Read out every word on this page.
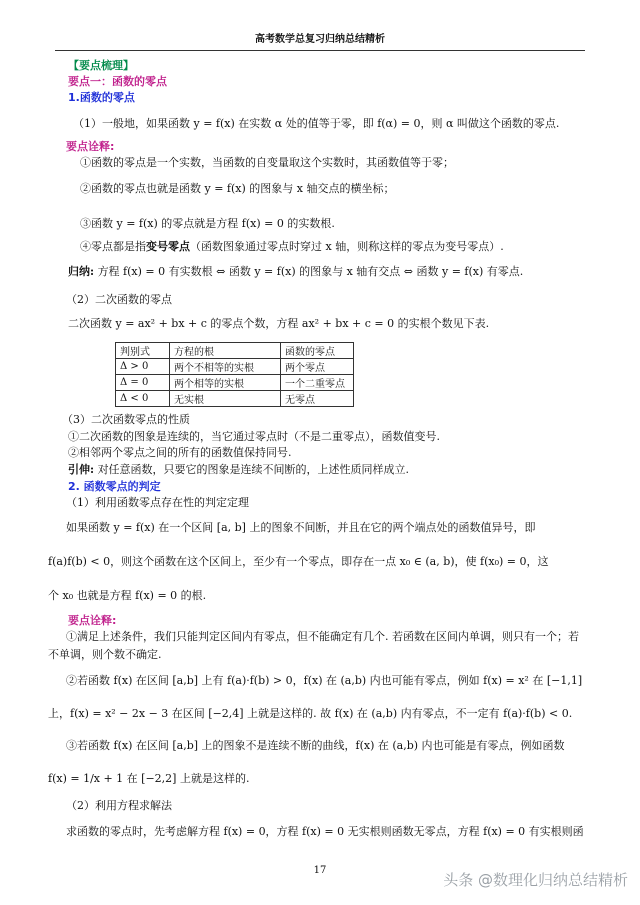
高考数学总复习归纳总结精析
【要点梳理】
要点一：函数的零点
1.函数的零点
（1）一般地，如果函数 y = f(x) 在实数 α 处的值等于零，即 f(α) = 0，则 α 叫做这个函数的零点.
要点诠释:
①函数的零点是一个实数，当函数的自变量取这个实数时，其函数值等于零；
②函数的零点也就是函数 y = f(x) 的图象与 x 轴交点的横坐标；
③函数 y = f(x) 的零点就是方程 f(x) = 0 的实数根.
④零点都是指变号零点（函数图象通过零点时穿过 x 轴，则称这样的零点为变号零点）.
归纳: 方程 f(x) = 0 有实数根 ⇔ 函数 y = f(x) 的图象与 x 轴有交点 ⇔ 函数 y = f(x) 有零点.
（2）二次函数的零点
二次函数 y = ax² + bx + c 的零点个数，方程 ax² + bx + c = 0 的实根个数见下表.
判别式	方程的根	函数的零点
Δ > 0	两个不相等的实根	两个零点
Δ = 0	两个相等的实根	一个二重零点
Δ < 0	无实根	无零点
（3）二次函数零点的性质
①二次函数的图象是连续的，当它通过零点时（不是二重零点），函数值变号.
②相邻两个零点之间的所有的函数值保持同号.
引伸: 对任意函数，只要它的图象是连续不间断的，上述性质同样成立.
2. 函数零点的判定
（1）利用函数零点存在性的判定定理
如果函数 y = f(x) 在一个区间 [a, b] 上的图象不间断，并且在它的两个端点处的函数值异号，即
f(a)f(b) < 0，则这个函数在这个区间上，至少有一个零点，即存在一点 x₀ ∈ (a, b)，使 f(x₀) = 0，这
个 x₀ 也就是方程 f(x) = 0 的根.
要点诠释:
①满足上述条件，我们只能判定区间内有零点，但不能确定有几个. 若函数在区间内单调，则只有一个；若
不单调，则个数不确定.
②若函数 f(x) 在区间 [a,b] 上有 f(a)·f(b) > 0，f(x) 在 (a,b) 内也可能有零点，例如 f(x) = x² 在 [−1,1]
上，f(x) = x² − 2x − 3 在区间 [−2,4] 上就是这样的. 故 f(x) 在 (a,b) 内有零点，不一定有 f(a)·f(b) < 0.
③若函数 f(x) 在区间 [a,b] 上的图象不是连续不断的曲线，f(x) 在 (a,b) 内也可能是有零点，例如函数
f(x) = 1/x + 1 在 [−2,2] 上就是这样的.
（2）利用方程求解法
求函数的零点时，先考虑解方程 f(x) = 0，方程 f(x) = 0 无实根则函数无零点，方程 f(x) = 0 有实根则函
17
头条 @数理化归纳总结精析
